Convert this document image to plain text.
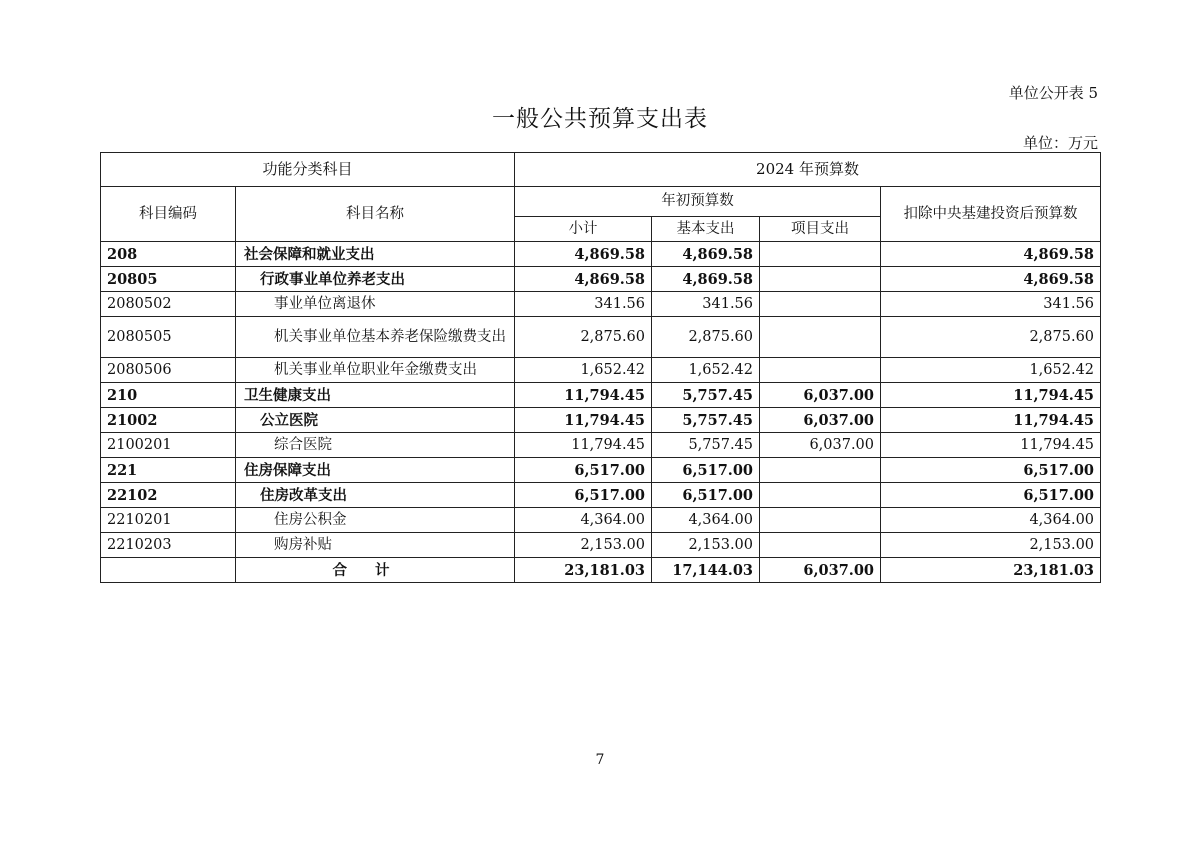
单位公开表 5
一般公共预算支出表
单位：万元
功能分类科目		2024 年预算数			
科目编码	科目名称	年初预算数			扣除中央基建投资后预算数
		小计	基本支出	项目支出	
208	社会保障和就业支出	4,869.58	4,869.58		4,869.58
20805	行政事业单位养老支出	4,869.58	4,869.58		4,869.58
2080502	事业单位离退休	341.56	341.56		341.56
2080505	机关事业单位基本养老保险缴费支出	2,875.60	2,875.60		2,875.60
2080506	机关事业单位职业年金缴费支出	1,652.42	1,652.42		1,652.42
210	卫生健康支出	11,794.45	5,757.45	6,037.00	11,794.45
21002	公立医院	11,794.45	5,757.45	6,037.00	11,794.45
2100201	综合医院	11,794.45	5,757.45	6,037.00	11,794.45
221	住房保障支出	6,517.00	6,517.00		6,517.00
22102	住房改革支出	6,517.00	6,517.00		6,517.00
2210201	住房公积金	4,364.00	4,364.00		4,364.00
2210203	购房补贴	2,153.00	2,153.00		2,153.00
	合计	23,181.03	17,144.03	6,037.00	23,181.03
7
